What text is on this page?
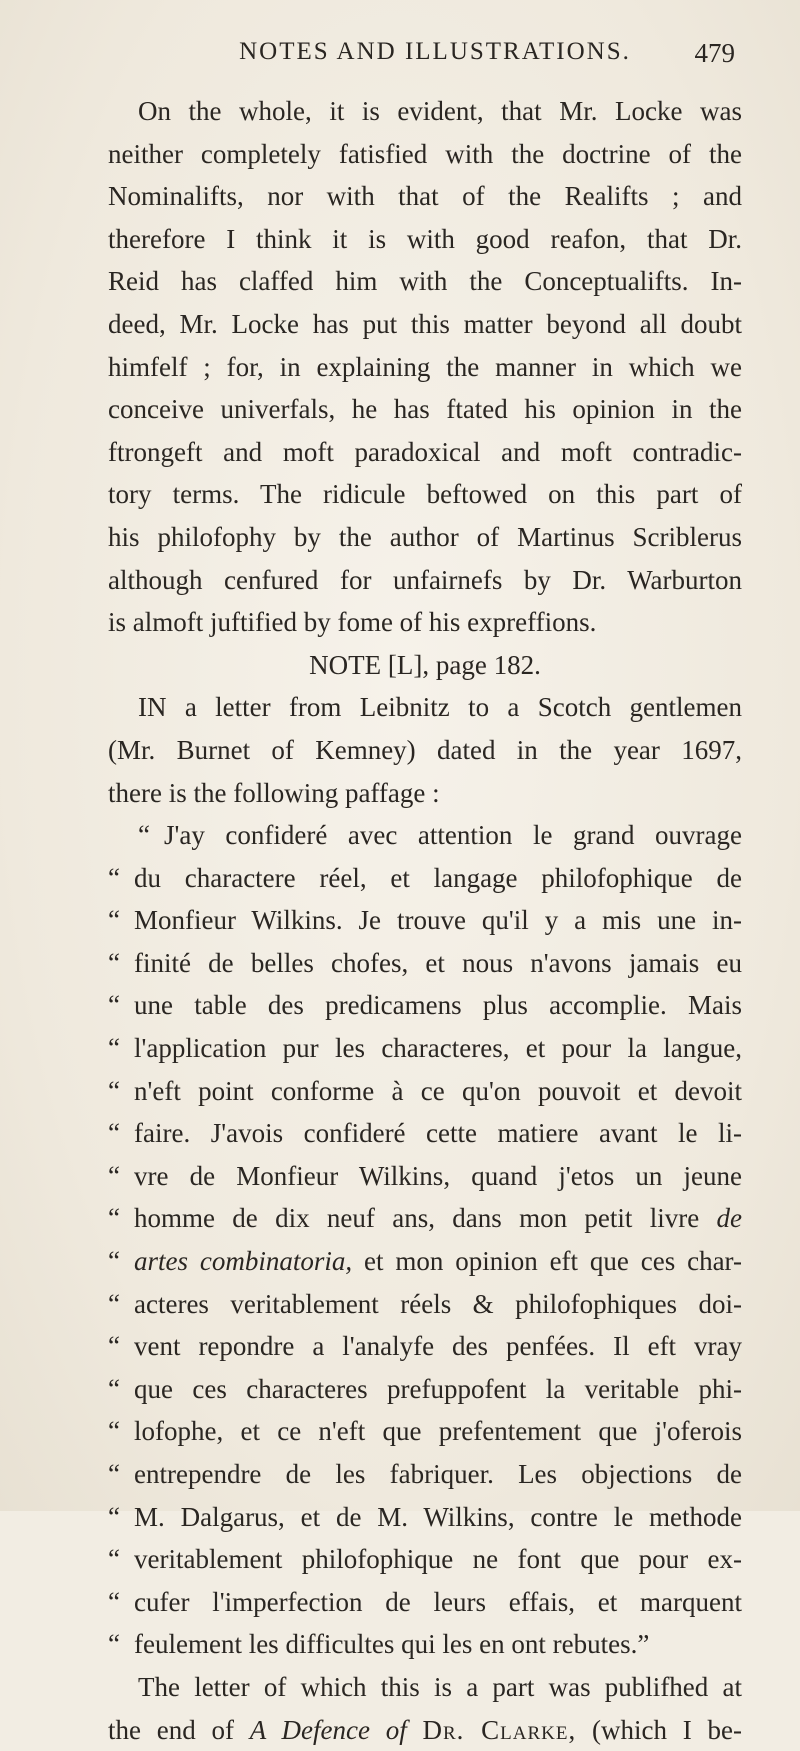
NOTES AND ILLUSTRATIONS.	479
On the whole, it is evident, that Mr. Locke was
neither completely fatisfied with the doctrine of the
Nominalifts, nor with that of the Realifts ; and
therefore I think it is with good reafon, that Dr.
Reid has claffed him with the Conceptualifts. In-
deed, Mr. Locke has put this matter beyond all doubt
himfelf ; for, in explaining the manner in which we
conceive univerfals, he has ftated his opinion in the
ftrongeft and moft paradoxical and moft contradic-
tory terms. The ridicule beftowed on this part of
his philofophy by the author of Martinus Scriblerus
although cenfured for unfairnefs by Dr. Warburton
is almoft juftified by fome of his expreffions.
NOTE [L], page 182.
IN a letter from Leibnitz to a Scotch gentlemen
(Mr. Burnet of Kemney) dated in the year 1697,
there is the following paffage :
“ J'ay confideré avec attention le grand ouvrage
“ du charactere réel, et langage philofophique de
“ Monfieur Wilkins. Je trouve qu'il y a mis une in-
“ finité de belles chofes, et nous n'avons jamais eu
“ une table des predicamens plus accomplie. Mais
“ l'application pur les characteres, et pour la langue,
“ n'eft point conforme à ce qu'on pouvoit et devoit
“ faire. J'avois confideré cette matiere avant le li-
“ vre de Monfieur Wilkins, quand j'etos un jeune
“ homme de dix neuf ans, dans mon petit livre de
“ artes combinatoria, et mon opinion eft que ces char-
“ acteres veritablement réels & philofophiques doi-
“ vent repondre a l'analyfe des penfées. Il eft vray
“ que ces characteres prefuppofent la veritable phi-
“ lofophe, et ce n'eft que prefentement que j'oferois
“ entrependre de les fabriquer. Les objections de
“ M. Dalgarus, et de M. Wilkins, contre le methode
“ veritablement philofophique ne font que pour ex-
“ cufer l'imperfection de leurs effais, et marquent
“ feulement les difficultes qui les en ont rebutes.”
The letter of which this is a part was publifhed at
the end of A Defence of Dr. Clarke, (which I be-
